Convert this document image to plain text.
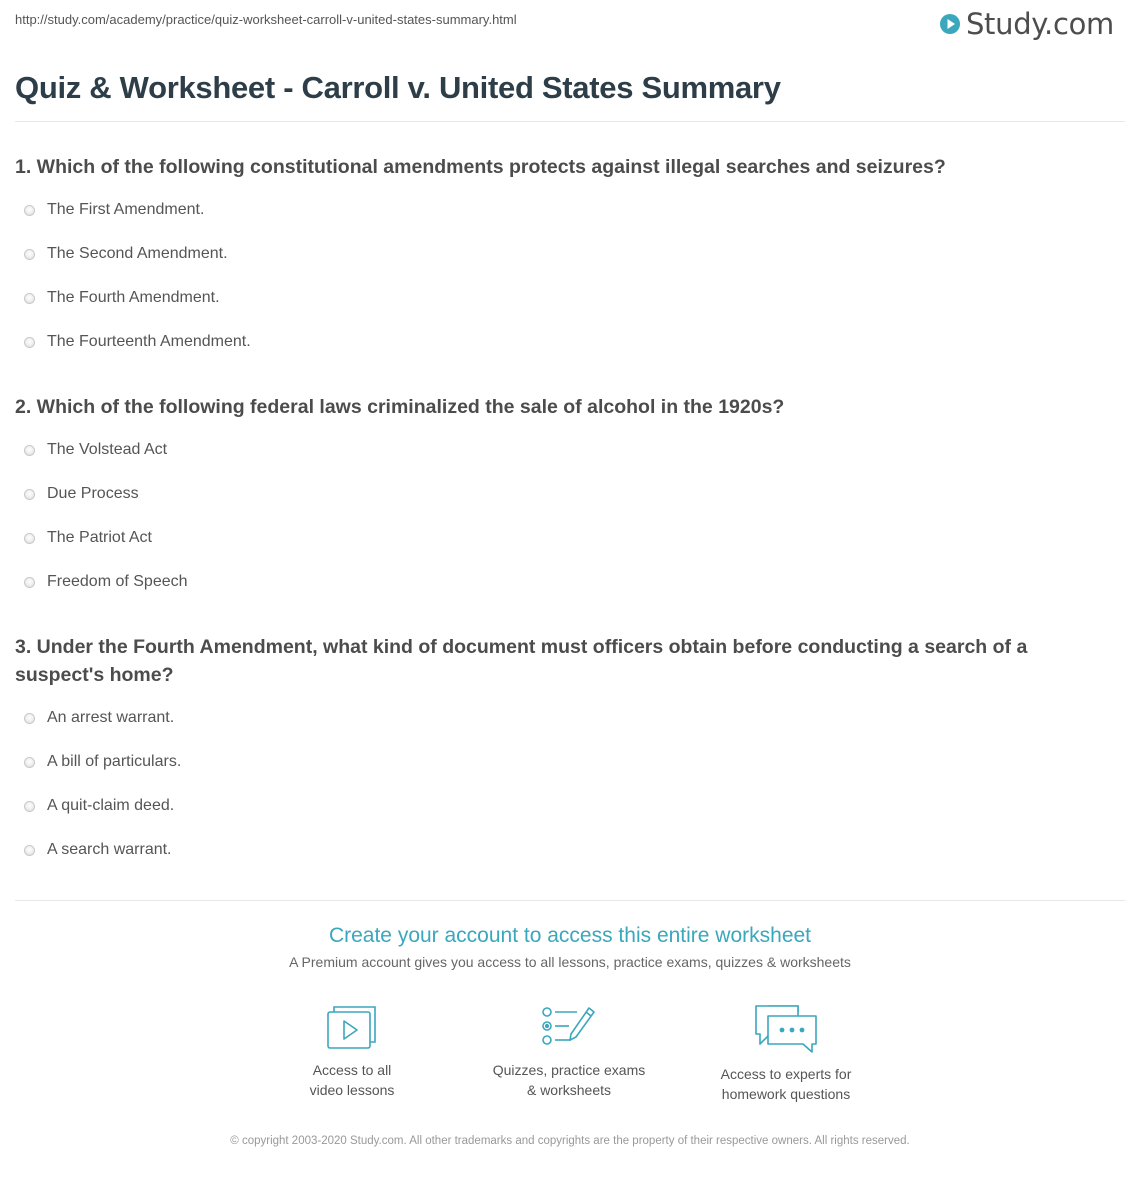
http://study.com/academy/practice/quiz-worksheet-carroll-v-united-states-summary.html	Study.com
Quiz & Worksheet - Carroll v. United States Summary
1. Which of the following constitutional amendments protects against illegal searches and seizures?
The First Amendment.
The Second Amendment.
The Fourth Amendment.
The Fourteenth Amendment.
2. Which of the following federal laws criminalized the sale of alcohol in the 1920s?
The Volstead Act
Due Process
The Patriot Act
Freedom of Speech
3. Under the Fourth Amendment, what kind of document must officers obtain before conducting a search of a suspect's home?
An arrest warrant.
A bill of particulars.
A quit-claim deed.
A search warrant.
Create your account to access this entire worksheet
A Premium account gives you access to all lessons, practice exams, quizzes & worksheets
Access to all
video lessons
Quizzes, practice exams
& worksheets
Access to experts for
homework questions
© copyright 2003-2020 Study.com. All other trademarks and copyrights are the property of their respective owners. All rights reserved.
